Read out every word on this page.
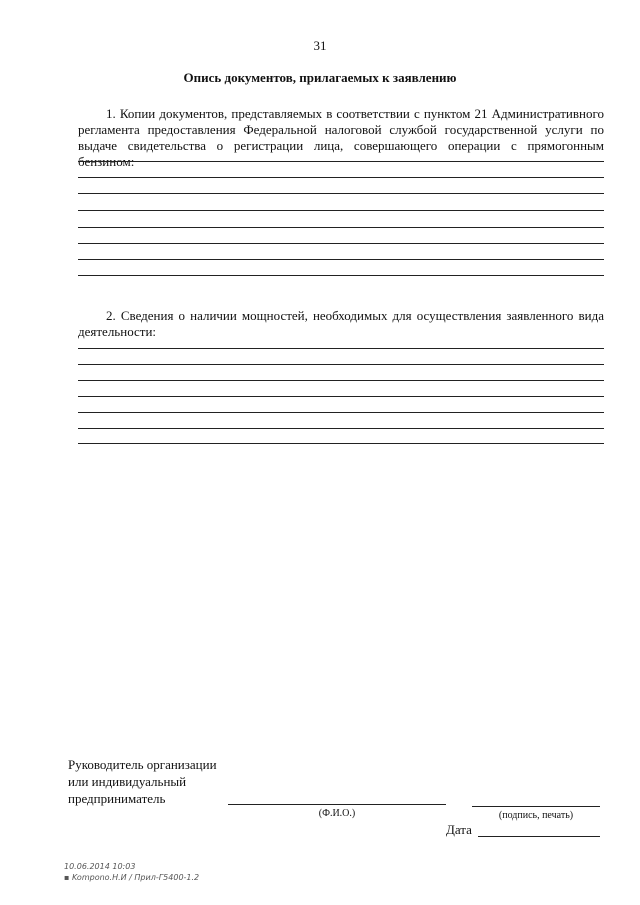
31
Опись документов, прилагаемых к заявлению
1. Копии документов, представляемых в соответствии с пунктом 21 Административного регламента предоставления Федеральной налоговой службой государственной услуги по выдаче свидетельства о регистрации лица, совершающего операции с прямогонным бензином:
2. Сведения о наличии мощностей, необходимых для осуществления заявленного вида деятельности:
Руководитель организации
или индивидуальный
предприниматель
(Ф.И.О.)	(подпись, печать)
Дата
10.06.2014 10:03
▪ Kompono.Н.И / Прил-Г5400-1.2
